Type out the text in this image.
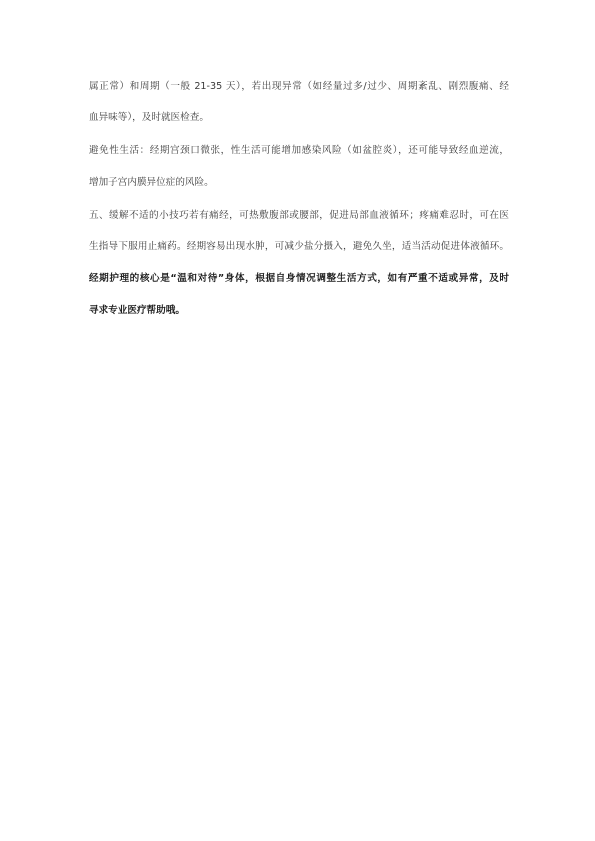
属正常）和周期（一般 21-35 天），若出现异常（如经量过多/过少、周期紊乱、剧烈腹痛、经
血异味等），及时就医检查。
避免性生活：经期宫颈口微张，性生活可能增加感染风险（如盆腔炎），还可能导致经血逆流，
增加子宫内膜异位症的风险。
五、缓解不适的小技巧若有痛经，可热敷腹部或腰部，促进局部血液循环；疼痛难忍时，可在医
生指导下服用止痛药。经期容易出现水肿，可减少盐分摄入，避免久坐，适当活动促进体液循环。
经期护理的核心是“温和对待”身体，根据自身情况调整生活方式，如有严重不适或异常，及时
寻求专业医疗帮助哦。
